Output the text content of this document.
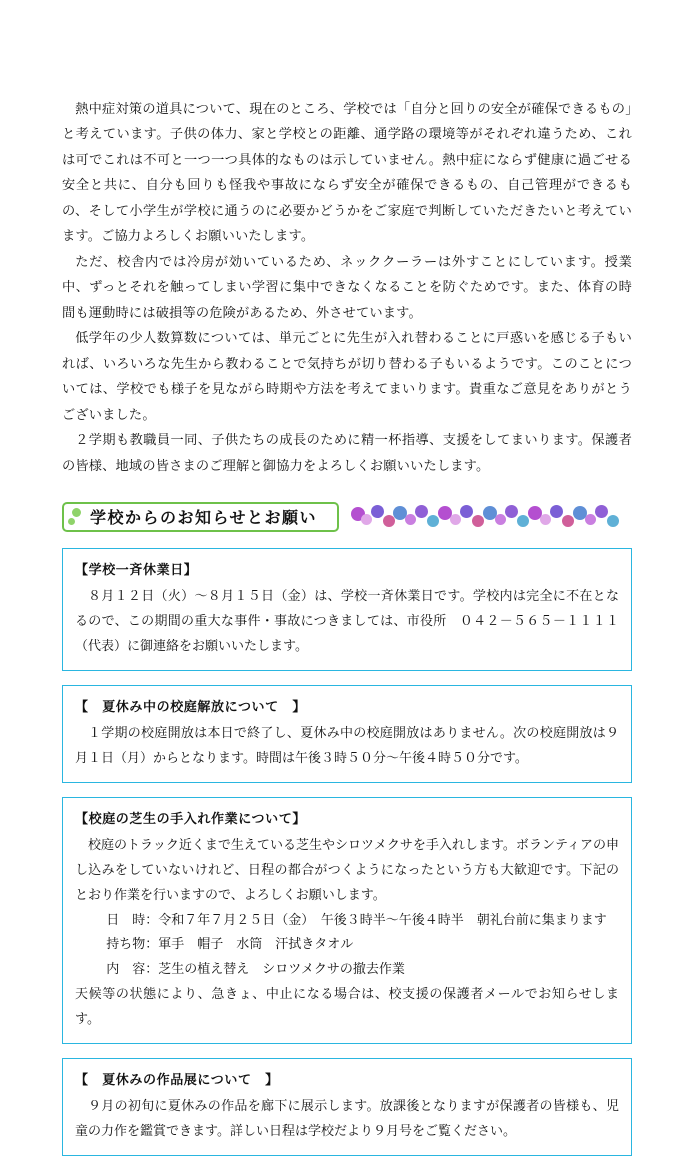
熱中症対策の道具について、現在のところ、学校では「自分と回りの安全が確保できるもの」と考えています。子供の体力、家と学校との距離、通学路の環境等がそれぞれ違うため、これは可でこれは不可と一つ一つ具体的なものは示していません。熱中症にならず健康に過ごせる安全と共に、自分も回りも怪我や事故にならず安全が確保できるもの、自己管理ができるもの、そして小学生が学校に通うのに必要かどうかをご家庭で判断していただきたいと考えています。ご協力よろしくお願いいたします。

ただ、校舎内では冷房が効いているため、ネッククーラーは外すことにしています。授業中、ずっとそれを触ってしまい学習に集中できなくなることを防ぐためです。また、体育の時間も運動時には破損等の危険があるため、外させています。

低学年の少人数算数については、単元ごとに先生が入れ替わることに戸惑いを感じる子もいれば、いろいろな先生から教わることで気持ちが切り替わる子もいるようです。このことについては、学校でも様子を見ながら時期や方法を考えてまいります。貴重なご意見をありがとうございました。

２学期も教職員一同、子供たちの成長のために精一杯指導、支援をしてまいります。保護者の皆様、地域の皆さまのご理解と御協力をよろしくお願いいたします。

学校からのお知らせとお願い
【学校一斉休業日】

８月１２日（火）～８月１５日（金）は、学校一斉休業日です。学校内は完全に不在となるので、この期間の重大な事件・事故につきましては、市役所　０４２－５６５－１１１１（代表）に御連絡をお願いいたします。

【　夏休み中の校庭解放について　】

１学期の校庭開放は本日で終了し、夏休み中の校庭開放はありません。次の校庭開放は９月１日（月）からとなります。時間は午後３時５０分～午後４時５０分です。

【校庭の芝生の手入れ作業について】

校庭のトラック近くまで生えている芝生やシロツメクサを手入れします。ボランティアの申し込みをしていないけれど、日程の都合がつくようになったという方も大歓迎です。下記のとおり作業を行いますので、よろしくお願いします。

日　時：令和７年７月２５日（金）　午後３時半～午後４時半　朝礼台前に集まります

持ち物：軍手　帽子　水筒　汗拭きタオル

内　容：芝生の植え替え　シロツメクサの撤去作業

天候等の状態により、急きょ、中止になる場合は、校支援の保護者メールでお知らせします。

【　夏休みの作品展について　】

９月の初旬に夏休みの作品を廊下に展示します。放課後となりますが保護者の皆様も、児童の力作を鑑賞できます。詳しい日程は学校だより９月号をご覧ください。
